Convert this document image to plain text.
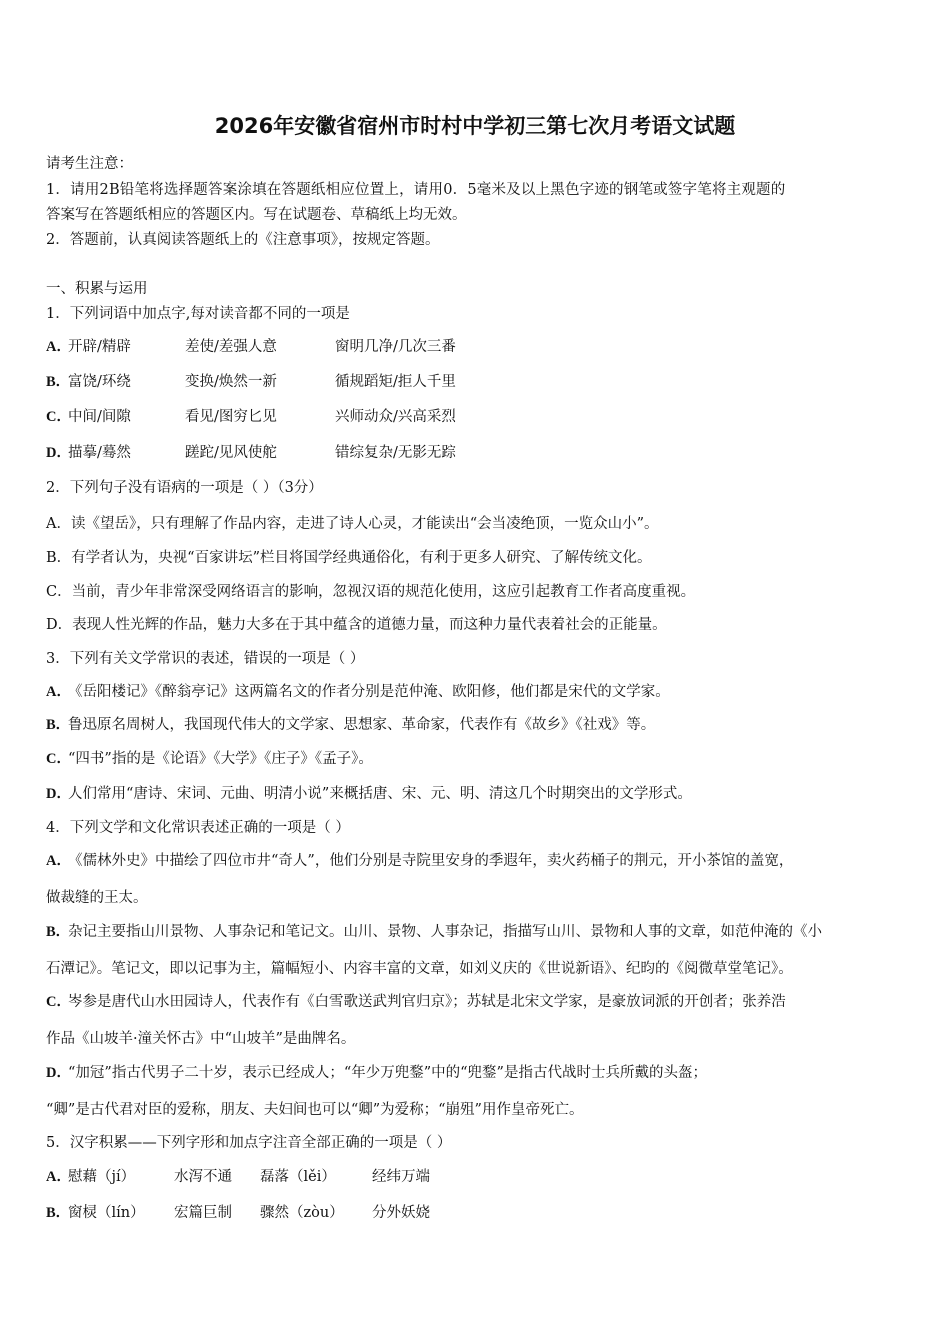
2026年安徽省宿州市时村中学初三第七次月考语文试题
请考生注意：
1．请用2B铅笔将选择题答案涂填在答题纸相应位置上，请用0．5毫米及以上黑色字迹的钢笔或签字笔将主观题的
答案写在答题纸相应的答题区内。写在试题卷、草稿纸上均无效。
2．答题前，认真阅读答题纸上的《注意事项》，按规定答题。
一、积累与运用
1．下列词语中加点字,每对读音都不同的一项是
A．开辟/精辟	差使/差强人意	窗明几净/几次三番
B．富饶/环绕	变换/焕然一新	循规蹈矩/拒人千里
C．中间/间隙	看见/图穷匕见	兴师动众/兴高采烈
D．描摹/蓦然	蹉跎/见风使舵	错综复杂/无影无踪
2．下列句子没有语病的一项是（ ）（3分）
A．读《望岳》，只有理解了作品内容，走进了诗人心灵，才能读出“会当凌绝顶，一览众山小”。
B．有学者认为，央视“百家讲坛”栏目将国学经典通俗化，有利于更多人研究、了解传统文化。
C．当前，青少年非常深受网络语言的影响，忽视汉语的规范化使用，这应引起教育工作者高度重视。
D．表现人性光辉的作品，魅力大多在于其中蕴含的道德力量，而这种力量代表着社会的正能量。
3．下列有关文学常识的表述，错误的一项是（ ）
A．《岳阳楼记》《醉翁亭记》这两篇名文的作者分别是范仲淹、欧阳修，他们都是宋代的文学家。
B．鲁迅原名周树人，我国现代伟大的文学家、思想家、革命家，代表作有《故乡》《社戏》等。
C．“四书”指的是《论语》《大学》《庄子》《孟子》。
D．人们常用“唐诗、宋词、元曲、明清小说”来概括唐、宋、元、明、清这几个时期突出的文学形式。
4．下列文学和文化常识表述正确的一项是（ ）
A．《儒林外史》中描绘了四位市井“奇人”，他们分别是寺院里安身的季遐年，卖火药桶子的荆元，开小茶馆的盖宽，
做裁缝的王太。
B．杂记主要指山川景物、人事杂记和笔记文。山川、景物、人事杂记，指描写山川、景物和人事的文章，如范仲淹的《小
石潭记》。笔记文，即以记事为主，篇幅短小、内容丰富的文章，如刘义庆的《世说新语》、纪昀的《阅微草堂笔记》。
C．岑参是唐代山水田园诗人，代表作有《白雪歌送武判官归京》；苏轼是北宋文学家，是豪放词派的开创者；张养浩
作品《山坡羊·潼关怀古》中“山坡羊”是曲牌名。
D．“加冠”指古代男子二十岁，表示已经成人；“年少万兜鍪”中的“兜鍪”是指古代战时士兵所戴的头盔；
“卿”是古代君对臣的爱称，朋友、夫妇间也可以“卿”为爱称；“崩殂”用作皇帝死亡。
5．汉字积累——下列字形和加点字注音全部正确的一项是（ ）
A．慰藉（jí）	水泻不通 磊落（lěi） 经纬万端
B．窗棂（lín） 宏篇巨制 骤然（zòu） 分外妖娆
